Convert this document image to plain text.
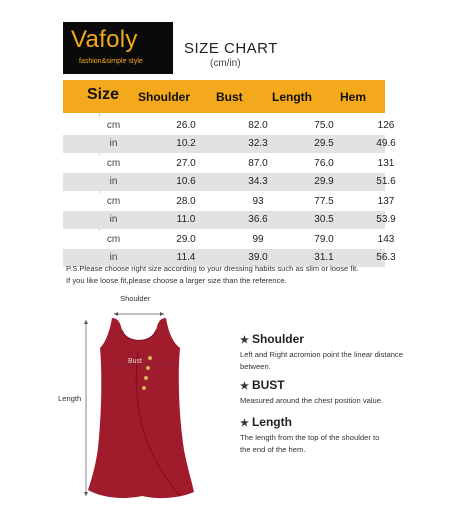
Vafoly
fashion&simple style
SIZE CHART
(cm/in)
Size Shoulder Bust Length Hem
cm	26.0	82.0	75.0	126
in	10.2	32.3	29.5	49.6
cm	27.0	87.0	76.0	131
in	10.6	34.3	29.9	51.6
cm	28.0	93	77.5	137
in	11.0	36.6	30.5	53.9
cm	29.0	99	79.0	143
in	11.4	39.0	31.1	56.3
P.S.Please choose right size according to your dressing habits such as slim or loose fit.
If you like loose fit,please choose a larger size than the reference.
Shoulder
Bust
Length
★ Shoulder
Left and Right acromion point the linear distance
between.
★ BUST
Measured around the chest position value.
★ Length
The length from the top of the shoulder to
the end of the hem.
